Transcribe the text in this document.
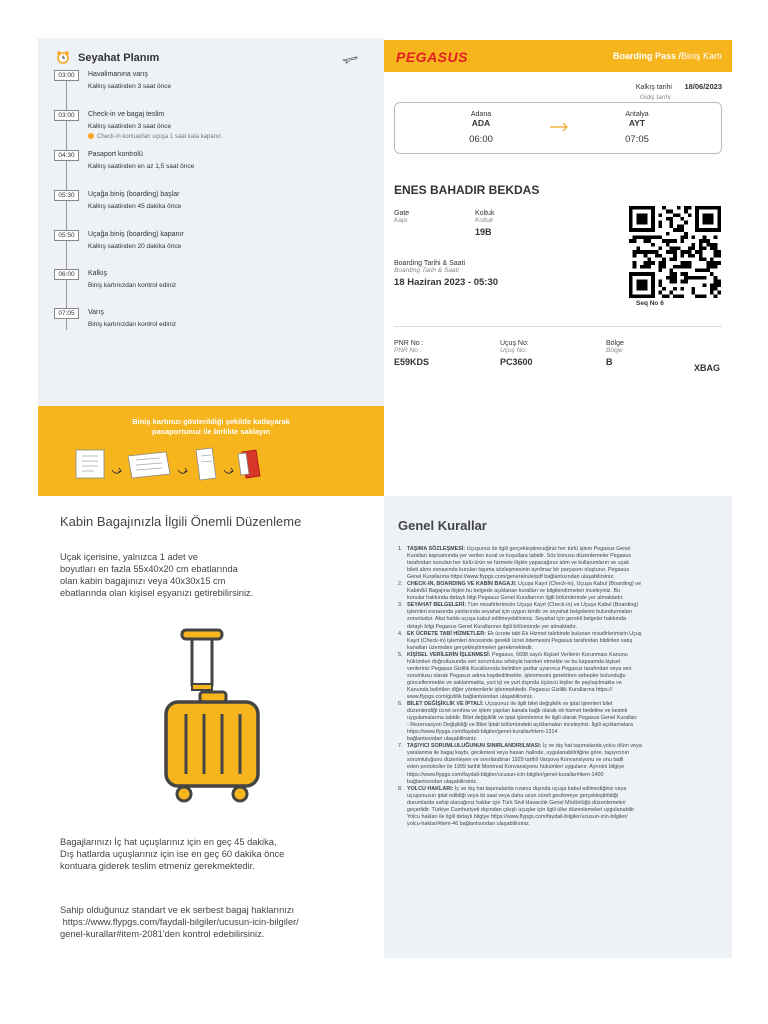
Seyahat Planım
03:00	Havalimanına varış
Kalkış saatinden 3 saat önce
03:00	Check-in ve bagaj teslim
Kalkış saatinden 3 saat önce
Check-in kontuarları uçuşa 1 saat kala kapanır.
04:30	Pasaport kontrolü
Kalkış saatinden en az 1,5 saat önce
05:30	Uçağa biniş (boarding) başlar
Kalkış saatinden 45 dakika önce
05:50	Uçağa biniş (boarding) kapanır
Kalkış saatinden 20 dakika önce
06:00	Kalkış
Biniş kartınızdan kontrol ediniz
07:05	Varış
Biniş kartınızdan kontrol ediniz
Biniş kartınızı gösterildiği şekilde katlayarak
pasaportunuz ile birlikte saklayın
PEGASUS	Boarding Pass /Biniş Kartı
Kalkış tarihi 18/06/2023
Gidiş tarihi
Adana
ADA
06:00
Antalya
AYT
07:05
ENES BAHADIR BEKDAS
Gate
Kapı
Koltuk
Koltuk
19B
Boarding Tarihi & Saati
Boarding Tarih & Saati
18 Haziran 2023 - 05:30
Seq No 6
PNR No :
PNR No :
E59KDS
Uçuş No:
Uçuş No:
PC3600
Bölge
Bölge
B
XBAG
Kabin Bagajınızla İlgili Önemli Düzenleme
Uçak içerisine, yalnızca 1 adet ve
boyutları en fazla 55x40x20 cm ebatlarında
olan kabin bagajınızı veya 40x30x15 cm
ebatlarında olan kişisel eşyanızı getirebilirsiniz.
Bagajlarınızı İç hat uçuşlarınız için en geç 45 dakika,
Dış hatlarda uçuşlarınız için ise en geç 60 dakika önce
kontuara giderek teslim etmeniz gerekmektedir.
Sahip olduğunuz standart ve ek serbest bagaj haklarınızı
https://www.flypgs.com/faydali-bilgiler/ucusun-icin-bilgiler/
genel-kurallar#item-2081'den kontrol edebilirsiniz.
Genel Kurallar
1. TAŞIMA SÖZLEŞMESİ: Uçuşunuz ile ilgili gerçekleştireceğiniz her türlü işlem Pegasus Genel
Kuralları kapsamında yer verilen kural ve koşullara tabidir. Söz konusu düzenlemeler Pegasus
tarafından sunulan her türlü ürün ve hizmete ilişkin yapacağınız alım ve kullanımların ve uçak
bileti alımı esnasında kurulan taşıma sözleşmesinin ayrılmaz bir parçasını oluşturur. Pegasus
Genel Kurallarına https://www.flypgs.com/generalrule/pdf bağlantısından ulaşabilirsiniz.
2. CHECK-IN, BOARDING VE KABİN BAGAJI: Uçuşa Kayıt (Check-in), Uçuşa Kabul (Boarding) ve
Kabin/El Bagajına ilişkin bu belgede açıklanan kuralları ve bilgilendirmeleri inceleyiniz. Bu
konular hakkında detaylı bilgi Pegasus Genel Kurallarının ilgili bölümlerinde yer almaktadır.
3. SEYAHAT BELGELERİ: Tüm misafirlerimizin Uçuşa Kayıt (Check-in) ve Uçuşa Kabul (Boarding)
işlemleri esnasında yanlarında seyahat için uygun kimlik ve seyahat belgelerini bulundurmaları
zorunludur. Aksi halde uçuşa kabul edilmeyebilirsiniz. Seyahat için gerekli belgeler hakkında
detaylı bilgi Pegasus Genel Kurallarının ilgili bölümünde yer almaktadır.
4. EK ÜCRETE TABİ HİZMETLER: Ek ücrete tabi Ek Hizmet talebinde bulunan misafirlerimizin Uçuş
Kayıt (Check-in) işlemleri öncesinde gerekli ücret ödemesini Pegasus tarafından bildirilen satış
kanalları üzerinden gerçekleştirmeleri gerekmektedir.
5. KİŞİSEL VERİLERİN İŞLENMESİ: Pegasus, 6698 sayılı Kişisel Verilerin Korunması Kanunu
hükümleri doğrultusunda veri sorumlusu sıfatıyla hareket etmekte ve bu kapsamda kişisel
verileriniz Pegasus Gizlilik Kurallarında belirtilen şartlar uyarınca Pegasus tarafından veya veri
sorumlusu olarak Pegasus adına kaydedilmekte, işlenmesini gerektiren sebepler bulunduğu
güncellenmekte ve saklanmakta, yurt içi ve yurt dışında üçüncü kişiler ile paylaşılmakta ve
Kanunda belirtilen diğer yöntemlerle işlenmektedir. Pegasus Gizlilik Kurallarına https://
www.flypgs.com/gizlilik bağlantısından ulaşabilirsiniz.
6. BİLET DEĞİŞİKLİK VE İPTALİ: Uçuşunuz ile ilgili bilet değişiklik ve iptal işlemleri bilet
düzenlendiği ücret sınıfına ve işlem yapılan kanala bağlı olarak ek hizmet bedeline ve kesinti
uygulamalarına tabidir. Bilet değişiklik ve iptal işlemleriniz ile ilgili olarak Pegasus Genel Kuralları
- Rezervasyon Değişikliği ve Bilet İptali bölümündeki açıklamaları inceleyiniz. İlgili açıklamalara
https://www.flypgs.com/faydali-bilgiler/genel-kurallar#item-1314
bağlantısından ulaşabilirsiniz.
7. TAŞIYICI SORUMLULUĞUNUN SINIRLANDIRILMASI: İç ve dış hat taşımalarda yolcu ölüm veya
yaralanma ile bagaj kaybı, gecikmesi veya hasarı halinde, uygulanabilirliğine göre, taşıyıcının
sorumluluğunu düzenleyen ve sınırlandıran 1929 tarihli Varşova Konvansiyonu ve onu tadil
eden protokoller ile 1999 tarihli Montreal Konvansiyonu hükümleri uygulanır. Ayrıntılı bilgiye
https://www.flypgs.com/faydali-bilgiler/ucusun-icin-bilgiler/genel-kurallar#item-1400
bağlantısından ulaşabilirsiniz.
8. YOLCU HAKLARI: İç ve dış hat taşımalarda rızanız dışında uçuşa kabul edilmediğiniz veya
uçuşunuzun iptal edildiği veya iki saat veya daha uzun süreli gecikmeye gerçekleştirildiği
durumlarda sahip olacağınız haklar için Türk Sivil Havacılık Genel Müdürlüğü düzenlemeleri
geçerlidir. Türkiye Cumhuriyeti dışından çıkışlı uçuşlar için ilgili ülke düzenlemeleri uygulanabilir.
Yolcu hakları ile ilgili detaylı bilgiye https://www.flypgs.com/faydali-bilgiler/ucusun-icin-bilgiler/
yolcu-haklari#item-46 bağlantısından ulaşabilirsiniz.
